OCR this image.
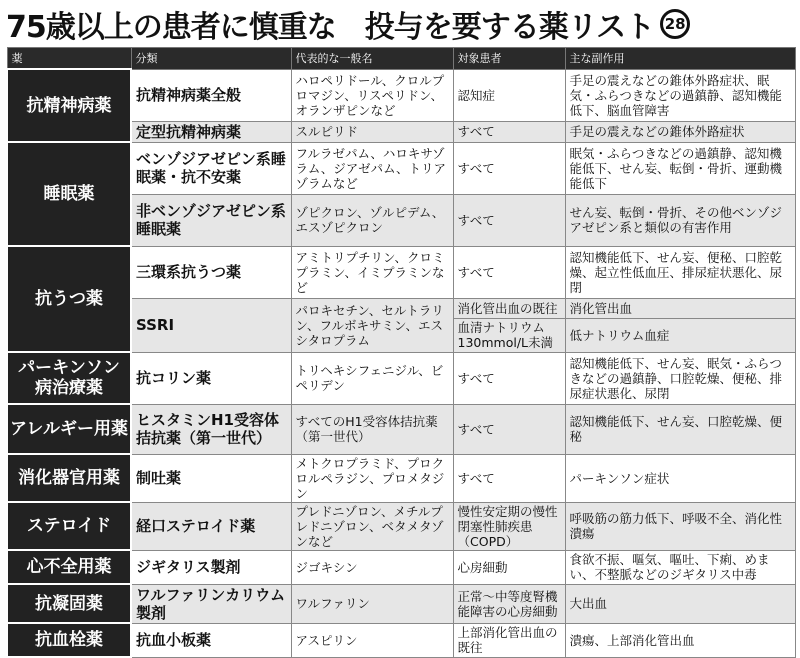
75歳以上の患者に慎重な　投与を要する薬リスト 28
薬	分類	代表的な一般名	対象患者	主な副作用
抗精神病薬	抗精神病薬全般	ハロペリドール、クロルプロマジン、リスペリドン、オランザピンなど	認知症	手足の震えなどの錐体外路症状、眠気・ふらつきなどの過鎮静、認知機能低下、脳血管障害
	定型抗精神病薬	スルピリド	すべて	手足の震えなどの錐体外路症状
睡眠薬	ベンゾジアゼピン系睡眠薬・抗不安薬	フルラゼパム、ハロキサゾラム、ジアゼパム、トリアゾラムなど	すべて	眠気・ふらつきなどの過鎮静、認知機能低下、せん妄、転倒・骨折、運動機能低下
	非ベンゾジアゼピン系睡眠薬	ゾピクロン、ゾルピデム、エスゾピクロン	すべて	せん妄、転倒・骨折、その他ベンゾジアゼピン系と類似の有害作用
抗うつ薬	三環系抗うつ薬	アミトリプチリン、クロミプラミン、イミプラミンなど	すべて	認知機能低下、せん妄、便秘、口腔乾燥、起立性低血圧、排尿症状悪化、尿閉
	SSRI	パロキセチン、セルトラリン、フルボキサミン、エスシタロプラム	消化管出血の既往	消化管出血
			血清ナトリウム130mmol/L未満	低ナトリウム血症
パーキンソン病治療薬	抗コリン薬	トリヘキシフェニジル、ビペリデン	すべて	認知機能低下、せん妄、眠気・ふらつきなどの過鎮静、口腔乾燥、便秘、排尿症状悪化、尿閉
アレルギー用薬	ヒスタミンH1受容体拮抗薬（第一世代）	すべてのH1受容体拮抗薬（第一世代）	すべて	認知機能低下、せん妄、口腔乾燥、便秘
消化器官用薬	制吐薬	メトクロプラミド、プロクロルペラジン、プロメタジン	すべて	パーキンソン症状
ステロイド	経口ステロイド薬	プレドニゾロン、メチルプレドニゾロン、ベタメタゾンなど	慢性安定期の慢性閉塞性肺疾患（COPD）	呼吸筋の筋力低下、呼吸不全、消化性潰瘍
心不全用薬	ジギタリス製剤	ジゴキシン	心房細動	食欲不振、嘔気、嘔吐、下痢、めまい、不整脈などのジギタリス中毒
抗凝固薬	ワルファリンカリウム製剤	ワルファリン	正常～中等度腎機能障害の心房細動	大出血
抗血栓薬	抗血小板薬	アスピリン	上部消化管出血の既往	潰瘍、上部消化管出血
